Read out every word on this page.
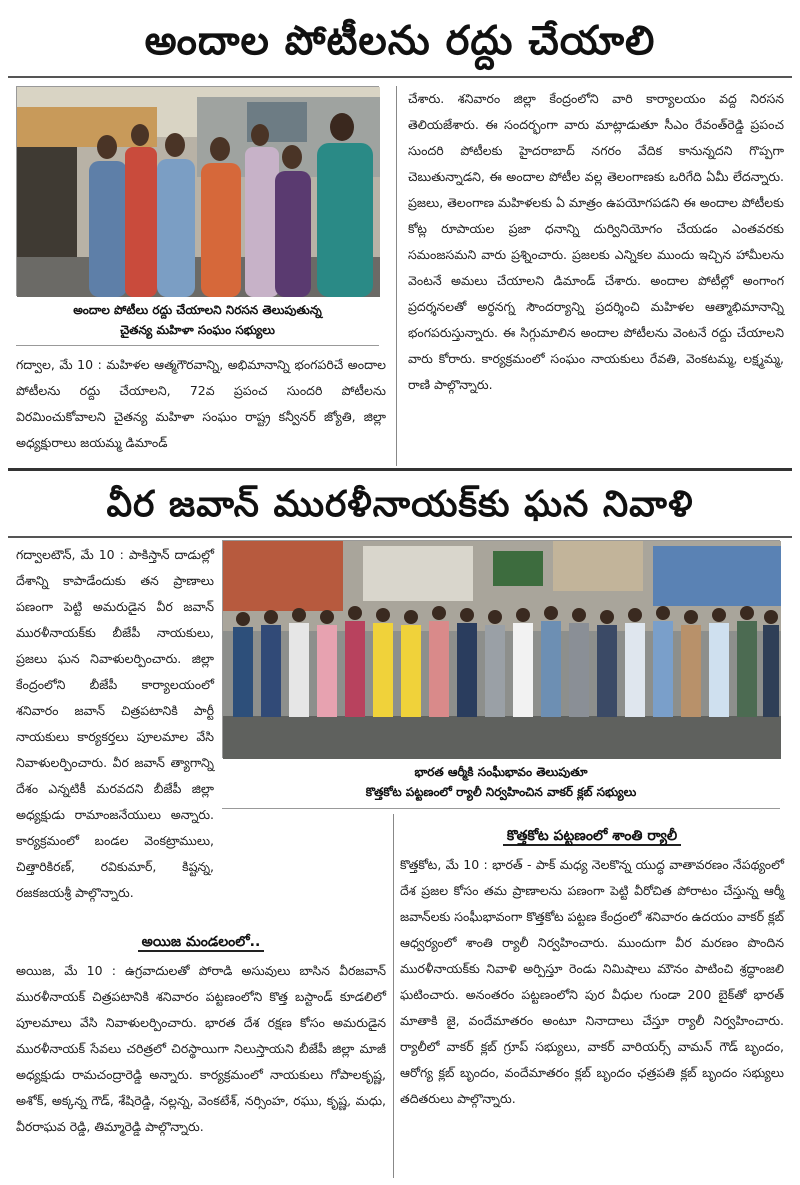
అందాల పోటీలను రద్దు చేయాలి
అందాల పోటీలు రద్దు చేయాలని నిరసన తెలుపుతున్న
చైతన్య మహిళా సంఘం సభ్యులు

గద్వాల, మే 10 : మహిళల ఆత్మగౌరవాన్ని, అభిమానాన్ని భంగపరిచే అందాల పోటీలను రద్దు చేయాలని, 72వ ప్రపంచ సుందరి పోటీలను విరమించుకోవాలని చైతన్య మహిళా సంఘం రాష్ట్ర కన్వీనర్ జ్యోతి, జిల్లా అధ్యక్షురాలు జయమ్మ డిమాండ్

చేశారు. శనివారం జిల్లా కేంద్రంలోని వారి కార్యాలయం వద్ద నిరసన తెలియజేశారు. ఈ సందర్భంగా వారు మాట్లాడుతూ సీఎం రేవంత్‌రెడ్డి ప్రపంచ సుందరి పోటీలకు హైదరాబాద్ నగరం వేదిక కానున్నదని గొప్పగా చెబుతున్నాడని, ఈ అందాల పోటీల వల్ల తెలంగాణకు ఒరిగేది ఏమీ లేదన్నారు. ప్రజలు, తెలంగాణ మహిళలకు ఏ మాత్రం ఉపయోగపడని ఈ అందాల పోటీలకు కోట్ల రూపాయల ప్రజా ధనాన్ని దుర్వినియోగం చేయడం ఎంతవరకు సమంజసమని వారు ప్రశ్నించారు. ప్రజలకు ఎన్నికల ముందు ఇచ్చిన హామీలను వెంటనే అమలు చేయాలని డిమాండ్ చేశారు. అందాల పోటీల్లో అంగాంగ ప్రదర్శనలతో అర్ధనగ్న సౌందర్యాన్ని ప్రదర్శించి మహిళల ఆత్మాభిమానాన్ని భంగపరుస్తున్నారు. ఈ సిగ్గుమాలిన అందాల పోటీలను వెంటనే రద్దు చేయాలని వారు కోరారు. కార్యక్రమంలో సంఘం నాయకులు రేవతి, వెంకటమ్మ, లక్ష్మమ్మ, రాణి పాల్గొన్నారు.

వీర జవాన్ మురళీనాయక్‌కు ఘన నివాళి

గద్వాలటౌన్, మే 10 : పాకిస్తాన్ దాడుల్లో దేశాన్ని కాపాడేందుకు తన ప్రాణాలు పణంగా పెట్టి అమరుడైన వీర జవాన్ మురళీనాయక్‌కు బీజేపీ నాయకులు, ప్రజలు ఘన నివాళులర్పించారు. జిల్లా కేంద్రంలోని బీజేపీ కార్యాలయంలో శనివారం జవాన్ చిత్రపటానికి పార్టీ నాయకులు కార్యకర్తలు పూలమాల వేసి నివాళులర్పించారు. వీర జవాన్ త్యాగాన్ని దేశం ఎన్నటికీ మరవదని బీజేపీ జిల్లా అధ్యక్షుడు రామాంజనేయులు అన్నారు. కార్యక్రమంలో బండల వెంకట్రాములు, చిత్తారికిరణ్, రవికుమార్, కిష్టన్న, రజకజయశ్రీ పాల్గొన్నారు.

భారత ఆర్మీకి సంఘీభావం తెలుపుతూ
కొత్తకోట పట్టణంలో ర్యాలీ నిర్వహించిన వాకర్ క్లబ్ సభ్యులు
కొత్తకోట పట్టణంలో శాంతి ర్యాలీ

కొత్తకోట, మే 10 : భారత్ - పాక్ మధ్య నెలకొన్న యుద్ధ వాతావరణం నేపథ్యంలో దేశ ప్రజల కోసం తమ ప్రాణాలను పణంగా పెట్టి వీరోచిత పోరాటం చేస్తున్న ఆర్మీ జవాన్‌లకు సంఘీభావంగా కొత్తకోట పట్టణ కేంద్రంలో శనివారం ఉదయం వాకర్ క్లబ్ ఆధ్వర్యంలో శాంతి ర్యాలీ నిర్వహించారు. ముందుగా వీర మరణం పొందిన మురళీనాయక్‌కు నివాళి అర్పిస్తూ రెండు నిమిషాలు మౌనం పాటించి శ్రద్ధాంజలి ఘటించారు. అనంతరం పట్టణంలోని పుర వీధుల గుండా 200 బైక్‌తో భారత్ మాతాకి జై, వందేమాతరం అంటూ నినాదాలు చేస్తూ ర్యాలీ నిర్వహించారు. ర్యాలీలో వాకర్ క్లబ్ గ్రూప్ సభ్యులు, వాకర్ వారియర్స్ వామన్ గౌడ్ బృందం, ఆరోగ్య క్లబ్ బృందం, వందేమాతరం క్లబ్ బృందం ఛత్రపతి క్లబ్ బృందం సభ్యులు తదితరులు పాల్గొన్నారు.

అయిజ మండలంలో..

అయిజ, మే 10 : ఉగ్రవాదులతో పోరాడి అసువులు బాసిన వీరజవాన్ మురళీనాయక్ చిత్రపటానికి శనివారం పట్టణంలోని కొత్త బస్టాండ్ కూడలిలో పూలమాలు వేసి నివాళులర్పించారు. భారత దేశ రక్షణ కోసం అమరుడైన మురళీనాయక్ సేవలు చరిత్రలో చిరస్థాయిగా నిలుస్తాయని బీజేపీ జిల్లా మాజీ అధ్యక్షుడు రామచంద్రారెడ్డి అన్నారు. కార్యక్రమంలో నాయకులు గోపాలకృష్ణ, అశోక్, అక్కన్న గౌడ్, శేషిరెడ్డి, నల్లన్న, వెంకటేశ్, నర్సింహ, రఘు, కృష్ణ, మధు, వీరరాఘవ రెడ్డి, తిమ్మారెడ్డి పాల్గొన్నారు.
